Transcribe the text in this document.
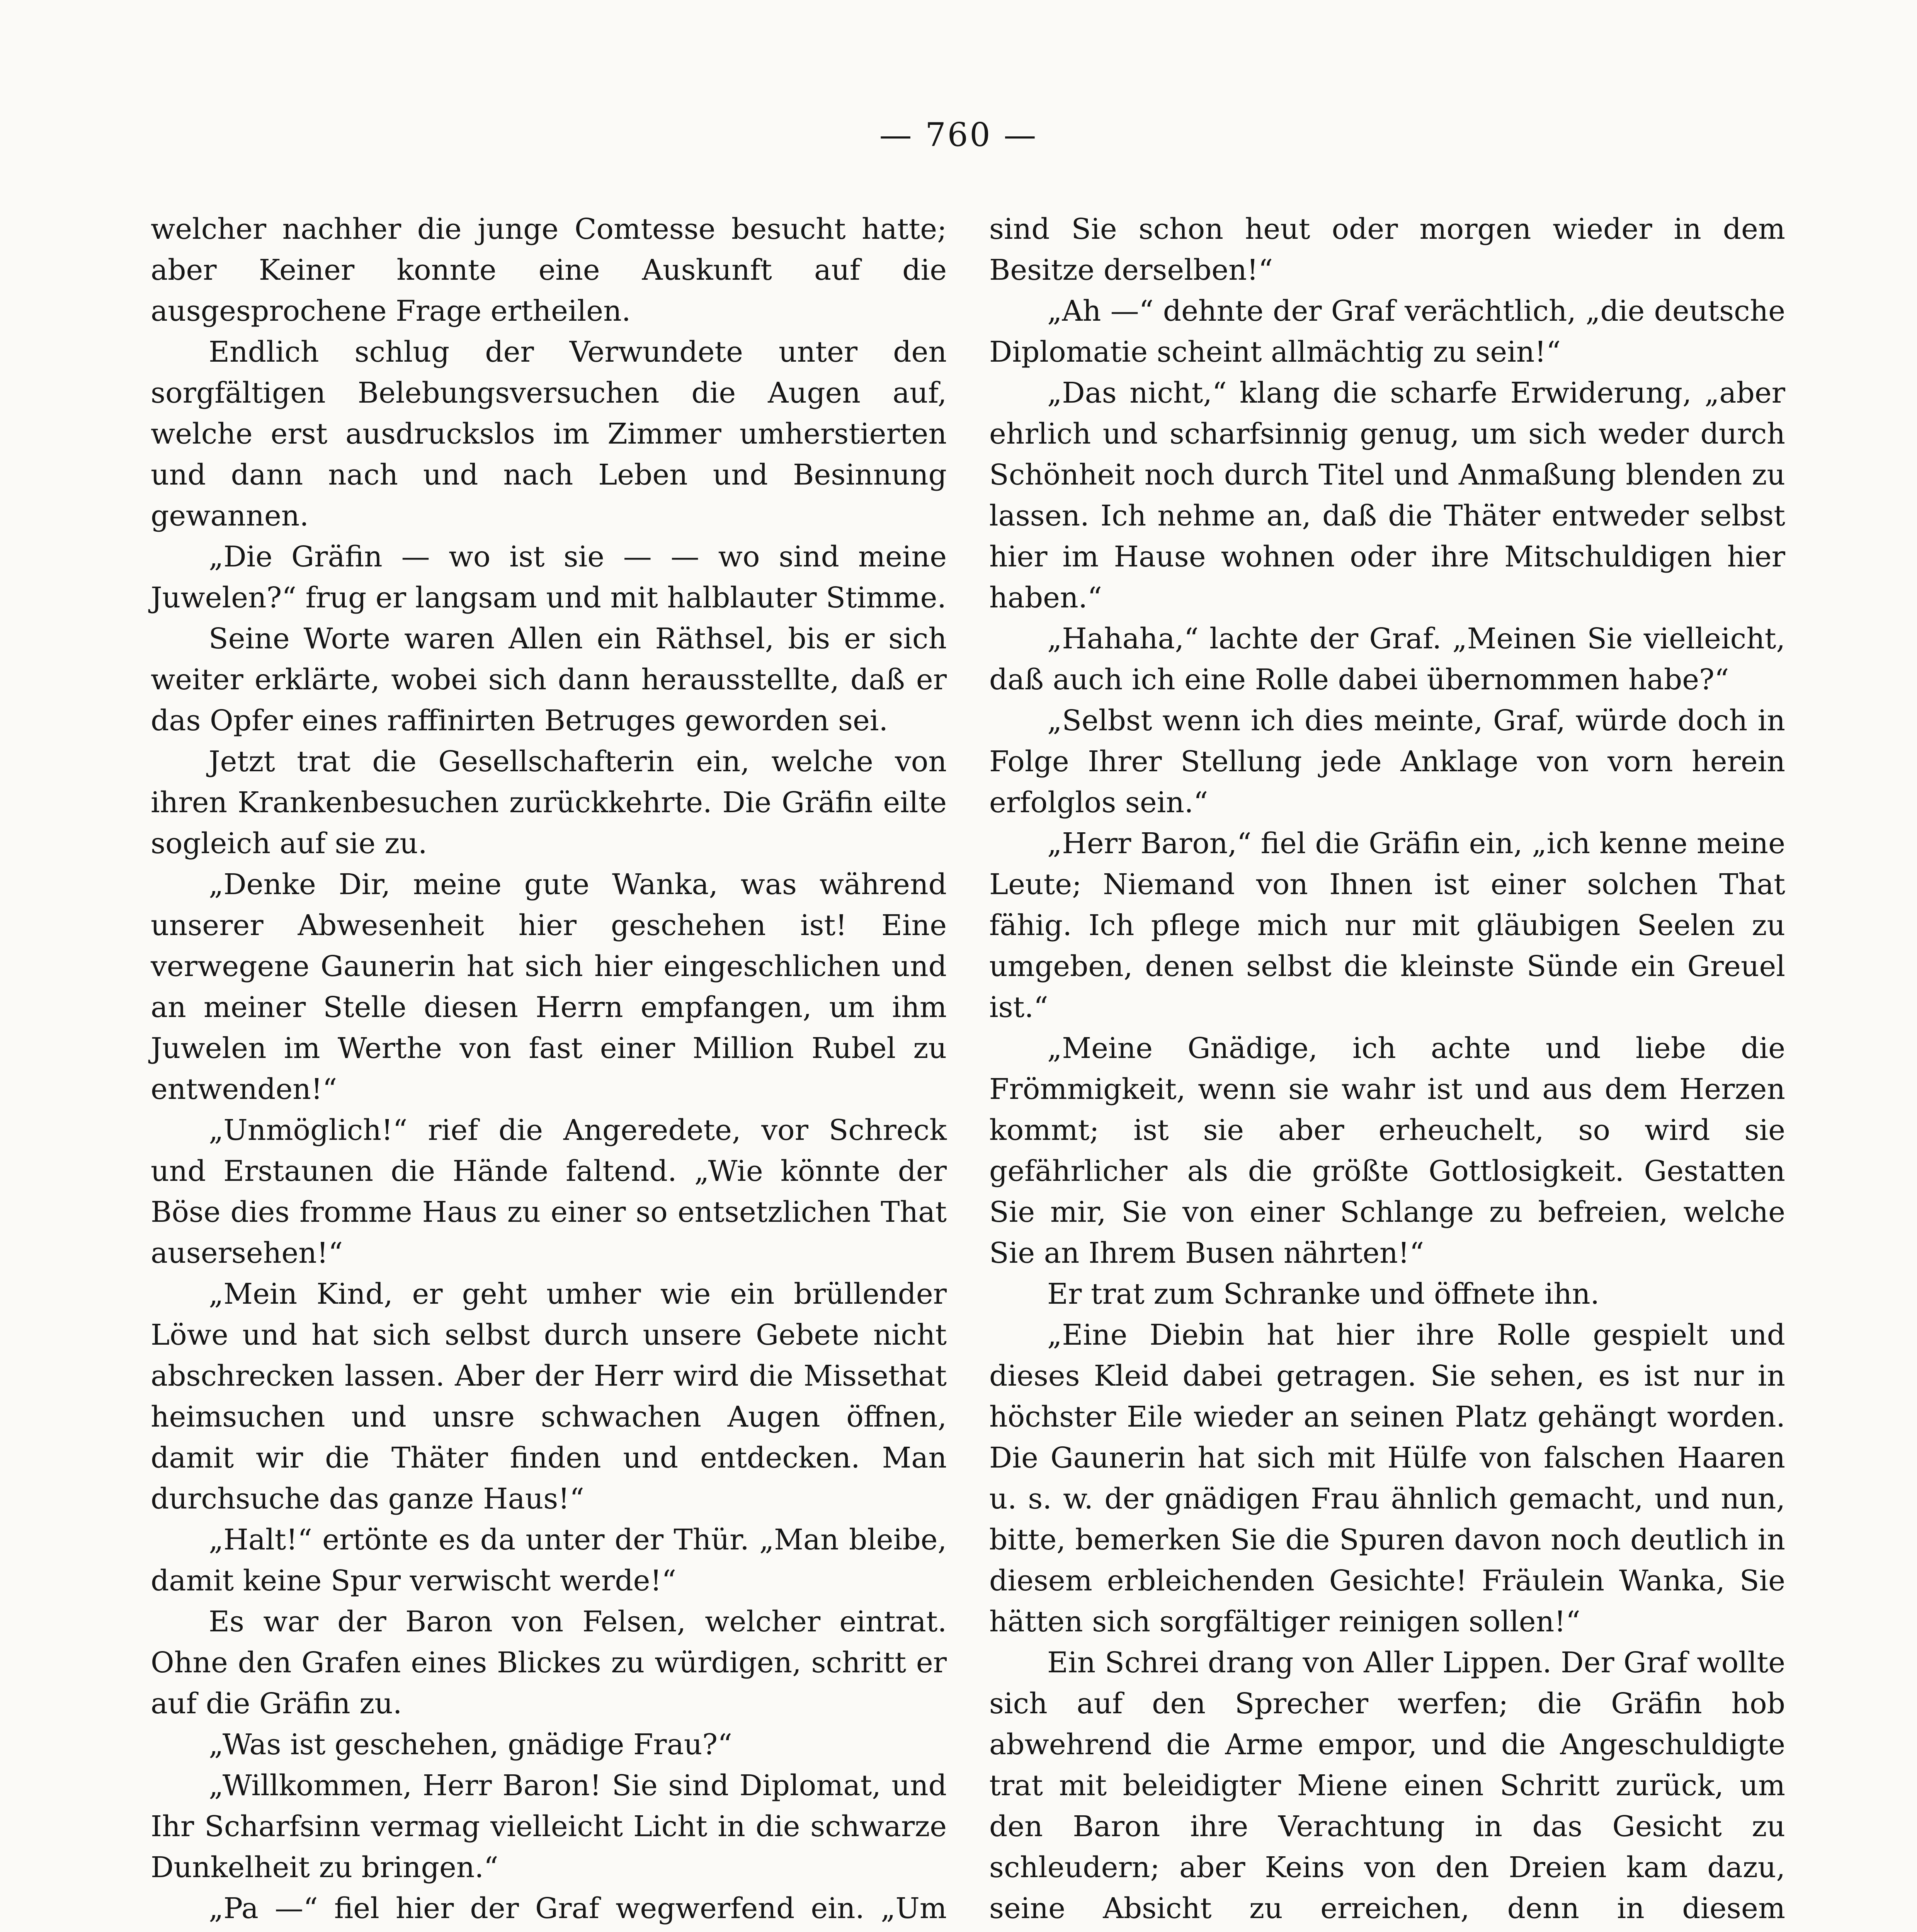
— 760 —

welcher nachher die junge Comtesse besucht hatte; aber Keiner konnte eine Auskunft auf die ausgesprochene Frage ertheilen.

Endlich schlug der Verwundete unter den sorgfältigen Belebungsversuchen die Augen auf, welche erst ausdruckslos im Zimmer umherstierten und dann nach und nach Leben und Besinnung gewannen.

„Die Gräfin — wo ist sie — — wo sind meine Juwelen?“ frug er langsam und mit halblauter Stimme.

Seine Worte waren Allen ein Räthsel, bis er sich weiter erklärte, wobei sich dann herausstellte, daß er das Opfer eines raffinirten Betruges geworden sei.

Jetzt trat die Gesellschafterin ein, welche von ihren Krankenbesuchen zurückkehrte. Die Gräfin eilte sogleich auf sie zu.

„Denke Dir, meine gute Wanka, was während unserer Abwesenheit hier geschehen ist! Eine verwegene Gaunerin hat sich hier eingeschlichen und an meiner Stelle diesen Herrn empfangen, um ihm Juwelen im Werthe von fast einer Million Rubel zu entwenden!“

„Unmöglich!“ rief die Angeredete, vor Schreck und Erstaunen die Hände faltend. „Wie könnte der Böse dies fromme Haus zu einer so entsetzlichen That ausersehen!“

„Mein Kind, er geht umher wie ein brüllender Löwe und hat sich selbst durch unsere Gebete nicht abschrecken lassen. Aber der Herr wird die Missethat heimsuchen und unsre schwachen Augen öffnen, damit wir die Thäter finden und entdecken. Man durchsuche das ganze Haus!“

„Halt!“ ertönte es da unter der Thür. „Man bleibe, damit keine Spur verwischt werde!“

Es war der Baron von Felsen, welcher eintrat. Ohne den Grafen eines Blickes zu würdigen, schritt er auf die Gräfin zu.

„Was ist geschehen, gnädige Frau?“

„Willkommen, Herr Baron! Sie sind Diplomat, und Ihr Scharfsinn vermag vielleicht Licht in die schwarze Dunkelheit zu bringen.“

„Pa —“ fiel hier der Graf wegwerfend ein. „Um

sind Sie schon heut oder morgen wieder in dem Besitze derselben!“

„Ah —“ dehnte der Graf verächtlich, „die deutsche Diplomatie scheint allmächtig zu sein!“

„Das nicht,“ klang die scharfe Erwiderung, „aber ehrlich und scharfsinnig genug, um sich weder durch Schönheit noch durch Titel und Anmaßung blenden zu lassen. Ich nehme an, daß die Thäter entweder selbst hier im Hause wohnen oder ihre Mitschuldigen hier haben.“

„Hahaha,“ lachte der Graf. „Meinen Sie vielleicht, daß auch ich eine Rolle dabei übernommen habe?“

„Selbst wenn ich dies meinte, Graf, würde doch in Folge Ihrer Stellung jede Anklage von vorn herein erfolglos sein.“

„Herr Baron,“ fiel die Gräfin ein, „ich kenne meine Leute; Niemand von Ihnen ist einer solchen That fähig. Ich pflege mich nur mit gläubigen Seelen zu umgeben, denen selbst die kleinste Sünde ein Greuel ist.“

„Meine Gnädige, ich achte und liebe die Frömmigkeit, wenn sie wahr ist und aus dem Herzen kommt; ist sie aber erheuchelt, so wird sie gefährlicher als die größte Gottlosigkeit. Gestatten Sie mir, Sie von einer Schlange zu befreien, welche Sie an Ihrem Busen nährten!“

Er trat zum Schranke und öffnete ihn.

„Eine Diebin hat hier ihre Rolle gespielt und dieses Kleid dabei getragen. Sie sehen, es ist nur in höchster Eile wieder an seinen Platz gehängt worden. Die Gaunerin hat sich mit Hülfe von falschen Haaren u. s. w. der gnädigen Frau ähnlich gemacht, und nun, bitte, bemerken Sie die Spuren davon noch deutlich in diesem erbleichenden Gesichte! Fräulein Wanka, Sie hätten sich sorgfältiger reinigen sollen!“

Ein Schrei drang von Aller Lippen. Der Graf wollte sich auf den Sprecher werfen; die Gräfin hob abwehrend die Arme empor, und die Angeschuldigte trat mit beleidigter Miene einen Schritt zurück, um den Baron ihre Verachtung in das Gesicht zu schleudern; aber Keins von den Dreien kam dazu, seine Absicht zu erreichen, denn in diesem
